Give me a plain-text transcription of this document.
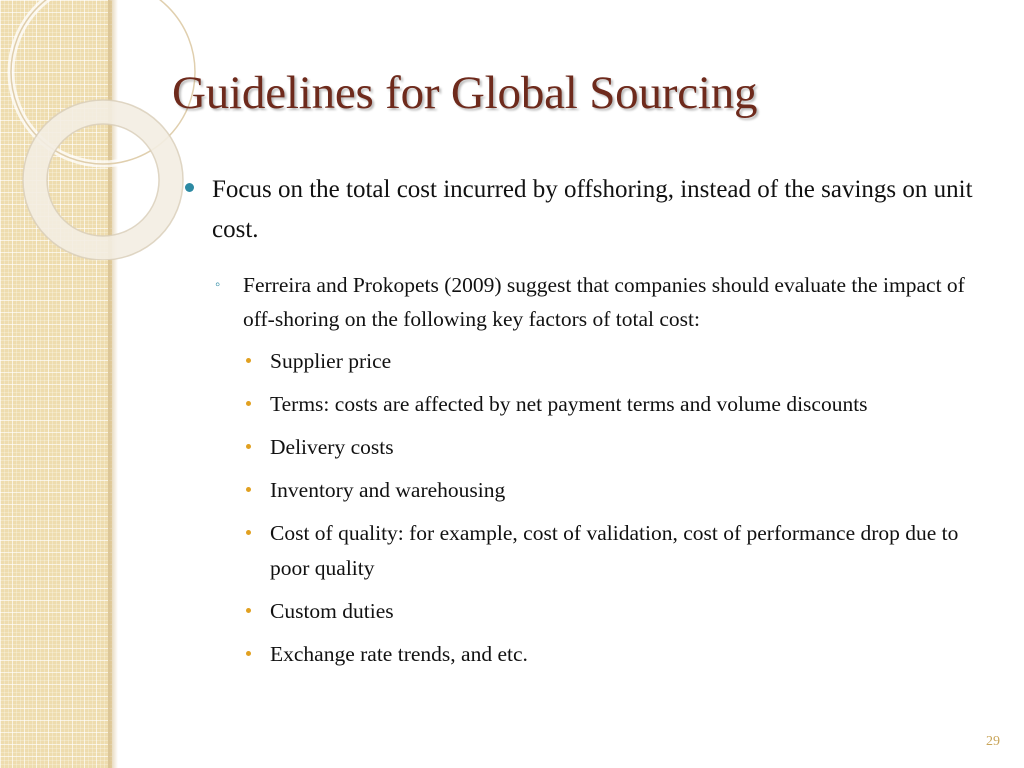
Guidelines for Global Sourcing
Focus on the total cost incurred by offshoring, instead of the savings on unit cost.
◦ Ferreira and Prokopets (2009) suggest that companies should evaluate the impact of off-shoring on the following key factors of total cost:
Supplier price
Terms: costs are affected by net payment terms and volume discounts
Delivery costs
Inventory and warehousing
Cost of quality: for example, cost of validation, cost of performance drop due to poor quality
Custom duties
Exchange rate trends, and etc.
29
